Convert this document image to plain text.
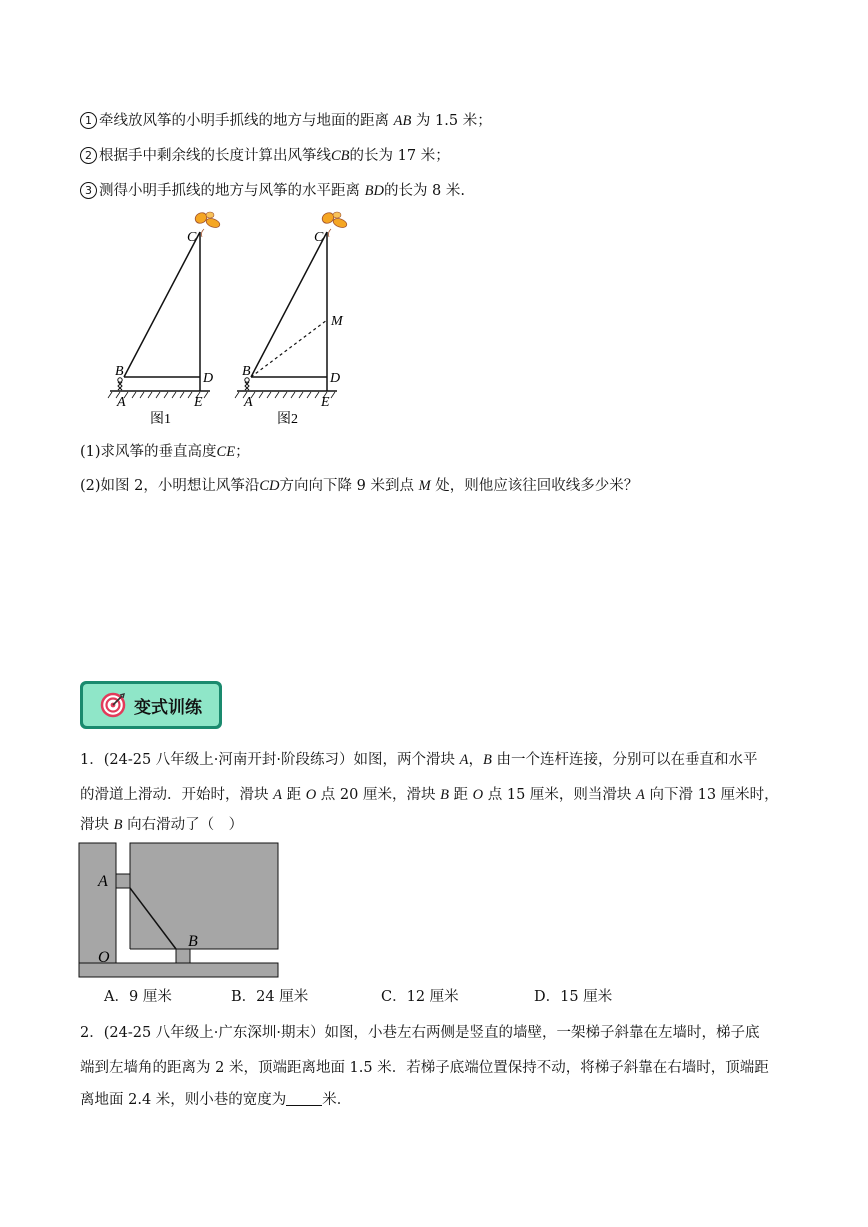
1 牵线放风筝的小明手抓线的地方与地面的距离 AB 为 1.5 米；
2 根据手中剩余线的长度计算出风筝线CB的长为 17 米；
3 测得小明手抓线的地方与风筝的水平距离 BD的长为 8 米.
C
B	D
A	E
图1
C
M
B	D
A	E
图2
(1)求风筝的垂直高度CE；
(2)如图 2，小明想让风筝沿CD方向向下降 9 米到点 M 处，则他应该往回收线多少米？
变式训练
1．(24-25 八年级上·河南开封·阶段练习）如图，两个滑块 A，B 由一个连杆连接，分别可以在垂直和水平
的滑道上滑动．开始时，滑块 A 距 O 点 20 厘米，滑块 B 距 O 点 15 厘米，则当滑块 A 向下滑 13 厘米时，
滑块 B 向右滑动了（　）
A
B
O
A．9 厘米	B．24 厘米	C．12 厘米	D．15 厘米
2．(24-25 八年级上·广东深圳·期末）如图，小巷左右两侧是竖直的墙壁，一架梯子斜靠在左墙时，梯子底
端到左墙角的距离为 2 米，顶端距离地面 1.5 米．若梯子底端位置保持不动，将梯子斜靠在右墙时，顶端距
离地面 2.4 米，则小巷的宽度为 米．
